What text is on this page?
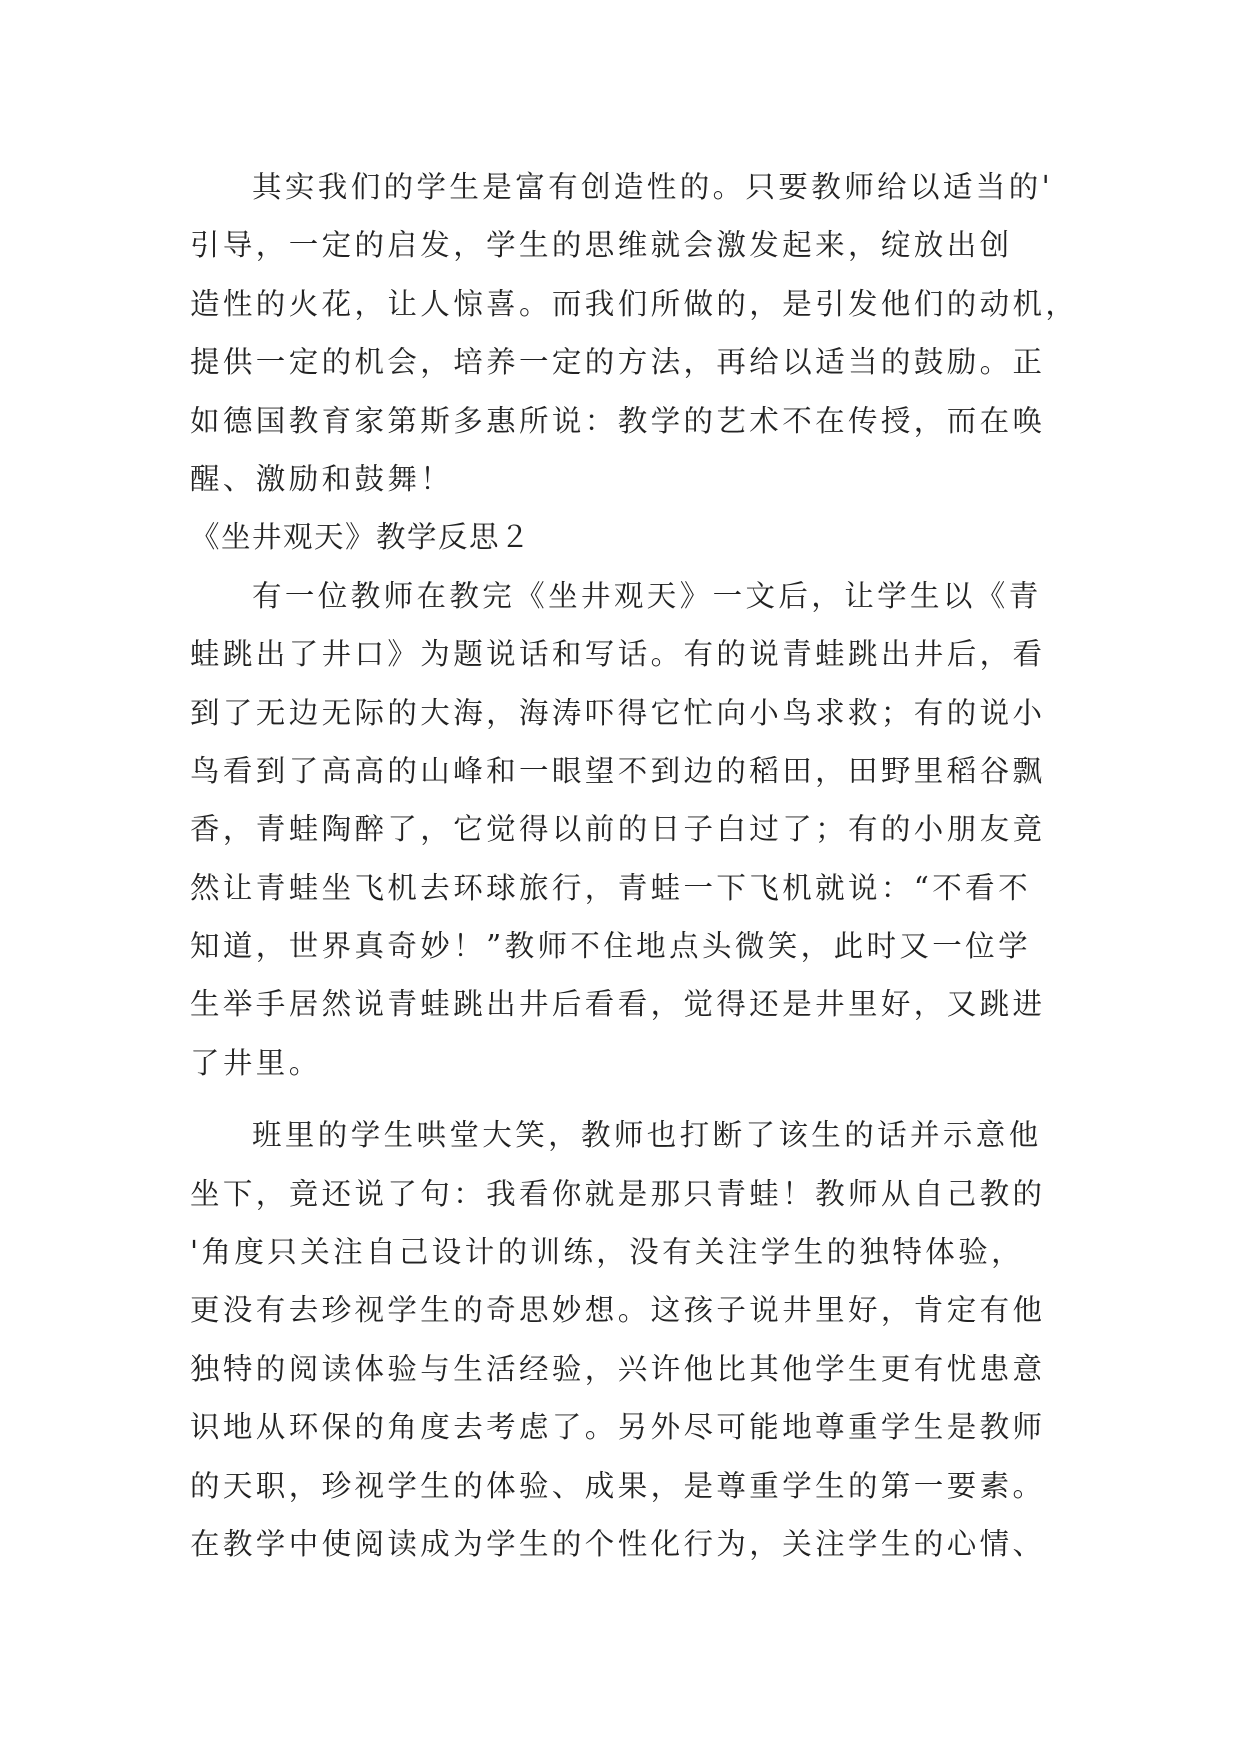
其实我们的学生是富有创造性的。只要教师给以适当的'
引导，一定的启发，学生的思维就会激发起来，绽放出创
造性的火花，让人惊喜。而我们所做的，是引发他们的动机，
提供一定的机会，培养一定的方法，再给以适当的鼓励。正
如德国教育家第斯多惠所说：教学的艺术不在传授，而在唤
醒、激励和鼓舞！
《坐井观天》教学反思２
有一位教师在教完《坐井观天》一文后，让学生以《青
蛙跳出了井口》为题说话和写话。有的说青蛙跳出井后，看
到了无边无际的大海，海涛吓得它忙向小鸟求救；有的说小
鸟看到了高高的山峰和一眼望不到边的稻田，田野里稻谷飘
香，青蛙陶醉了，它觉得以前的日子白过了；有的小朋友竟
然让青蛙坐飞机去环球旅行，青蛙一下飞机就说：“不看不
知道，世界真奇妙！”教师不住地点头微笑，此时又一位学
生举手居然说青蛙跳出井后看看，觉得还是井里好，又跳进
了井里。
班里的学生哄堂大笑，教师也打断了该生的话并示意他
坐下，竟还说了句：我看你就是那只青蛙！教师从自己教的
'角度只关注自己设计的训练，没有关注学生的独特体验，
更没有去珍视学生的奇思妙想。这孩子说井里好，肯定有他
独特的阅读体验与生活经验，兴许他比其他学生更有忧患意
识地从环保的角度去考虑了。另外尽可能地尊重学生是教师
的天职，珍视学生的体验、成果，是尊重学生的第一要素。
在教学中使阅读成为学生的个性化行为，关注学生的心情、
